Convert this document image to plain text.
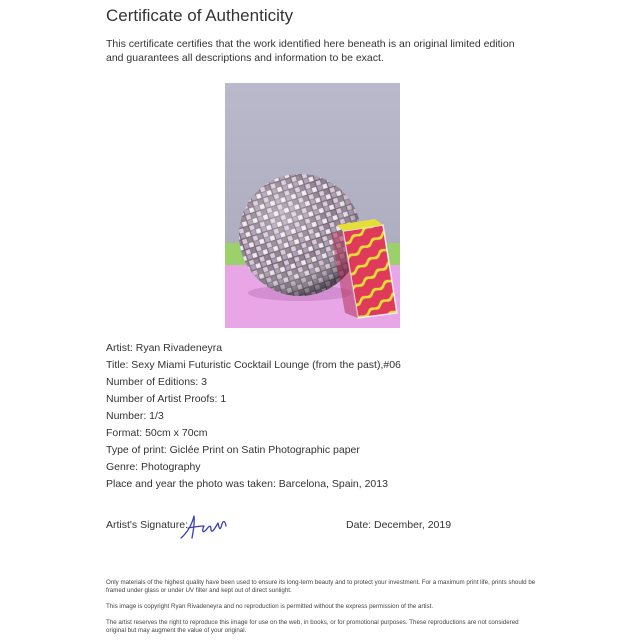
Certificate of Authenticity

This certificate certifies that the work identified here beneath is an original limited edition and guarantees all descriptions and information to be exact.

Artist: Ryan Rivadeneyra
Title: Sexy Miami Futuristic Cocktail Lounge (from the past),#06
Number of Editions: 3
Number of Artist Proofs: 1
Number: 1/3
Format: 50cm x 70cm
Type of print: Giclée Print on Satin Photographic paper
Genre: Photography
Place and year the photo was taken: Barcelona, Spain, 2013
Artist's Signature:	Date: December, 2019

Only materials of the highest quality have been used to ensure its long-term beauty and to protect your investment. For a maximum print life, prints should be framed under glass or under UV filter and kept out of direct sunlight.

This image is copyright Ryan Rivadeneyra and no reproduction is permitted without the express permission of the artist.

The artist reserves the right to reproduce this image for use on the web, in books, or for promotional purposes. These reproductions are not considered original but may augment the value of your original.
